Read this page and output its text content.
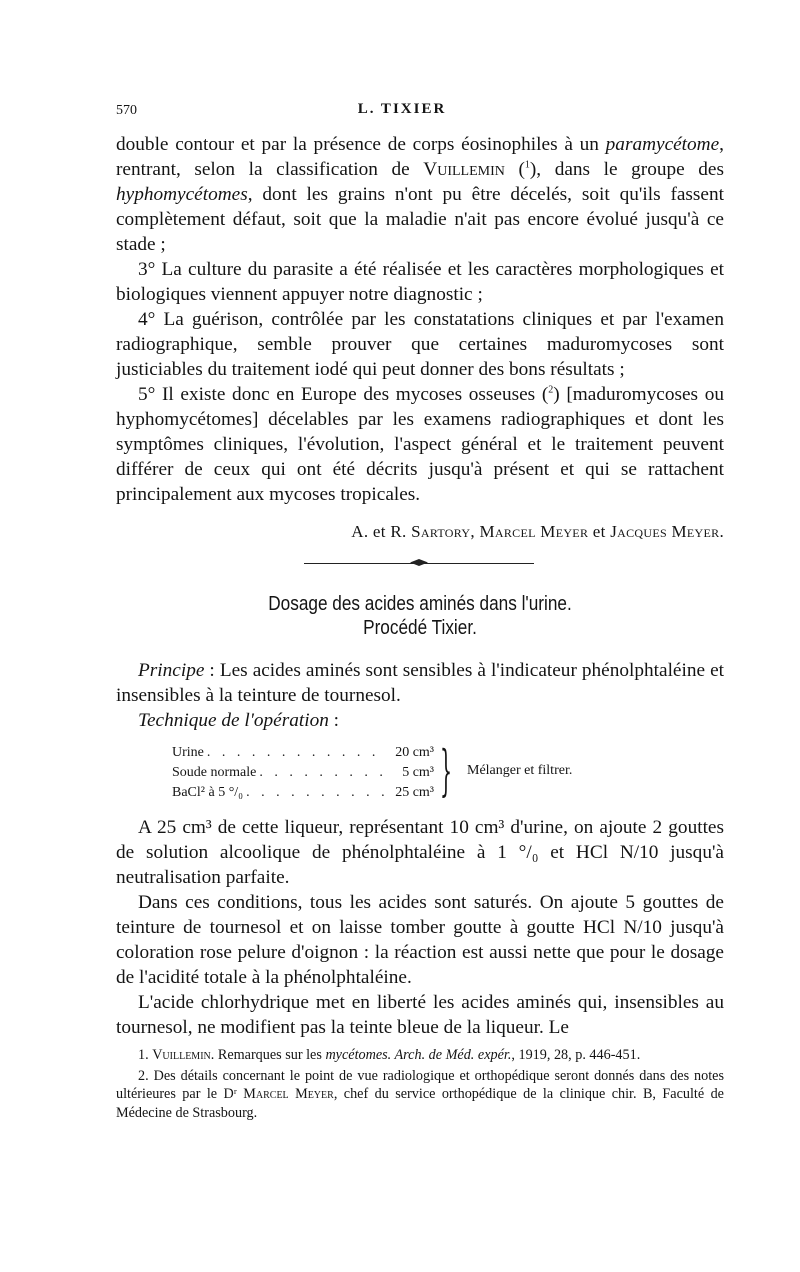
570	L. TIXIER

double contour et par la présence de corps éosinophiles à un paramycétome, rentrant, selon la classification de Vuillemin ($^1$), dans le groupe des hyphomycétomes, dont les grains n'ont pu être décelés, soit qu'ils fassent complètement défaut, soit que la maladie n'ait pas encore évolué jusqu'à ce stade ;

3° La culture du parasite a été réalisée et les caractères morphologiques et biologiques viennent appuyer notre diagnostic ;

4° La guérison, contrôlée par les constatations cliniques et par l'examen radiographique, semble prouver que certaines maduromycoses sont justiciables du traitement iodé qui peut donner des bons résultats ;

5° Il existe donc en Europe des mycoses osseuses ($^2$) [maduromycoses ou hyphomycétomes] décelables par les examens radiographiques et dont les symptômes cliniques, l'évolution, l'aspect général et le traitement peuvent différer de ceux qui ont été décrits jusqu'à présent et qui se rattachent principalement aux mycoses tropicales.

A. et R. Sartory, Marcel Meyer et Jacques Meyer.

Dosage des acides aminés dans l'urine.
Procédé Tixier.

Principe : Les acides aminés sont sensibles à l'indicateur phénolphtaléine et insensibles à la teinture de tournesol.

Technique de l'opération :

Urine . . .	20 cm³
Soude normale . . .	5 cm³
BaCl² à 5 °/₀ . . .	25 cm³ } Mélanger et filtrer.

A 25 cm³ de cette liqueur, représentant 10 cm³ d'urine, on ajoute 2 gouttes de solution alcoolique de phénolphtaléine à 1 °/₀ et HCl N/10 jusqu'à neutralisation parfaite.

Dans ces conditions, tous les acides sont saturés. On ajoute 5 gouttes de teinture de tournesol et on laisse tomber goutte à goutte HCl N/10 jusqu'à coloration rose pelure d'oignon : la réaction est aussi nette que pour le dosage de l'acidité totale à la phénolphtaléine.

L'acide chlorhydrique met en liberté les acides aminés qui, insensibles au tournesol, ne modifient pas la teinte bleue de la liqueur. Le

1. Vuillemin. Remarques sur les mycétomes. Arch. de Méd. expér., 1919, 28, p. 446-451.

2. Des détails concernant le point de vue radiologique et orthopédique seront donnés dans des notes ultérieures par le Dʳ Marcel Meyer, chef du service orthopédique de la clinique chir. B, Faculté de Médecine de Strasbourg.
